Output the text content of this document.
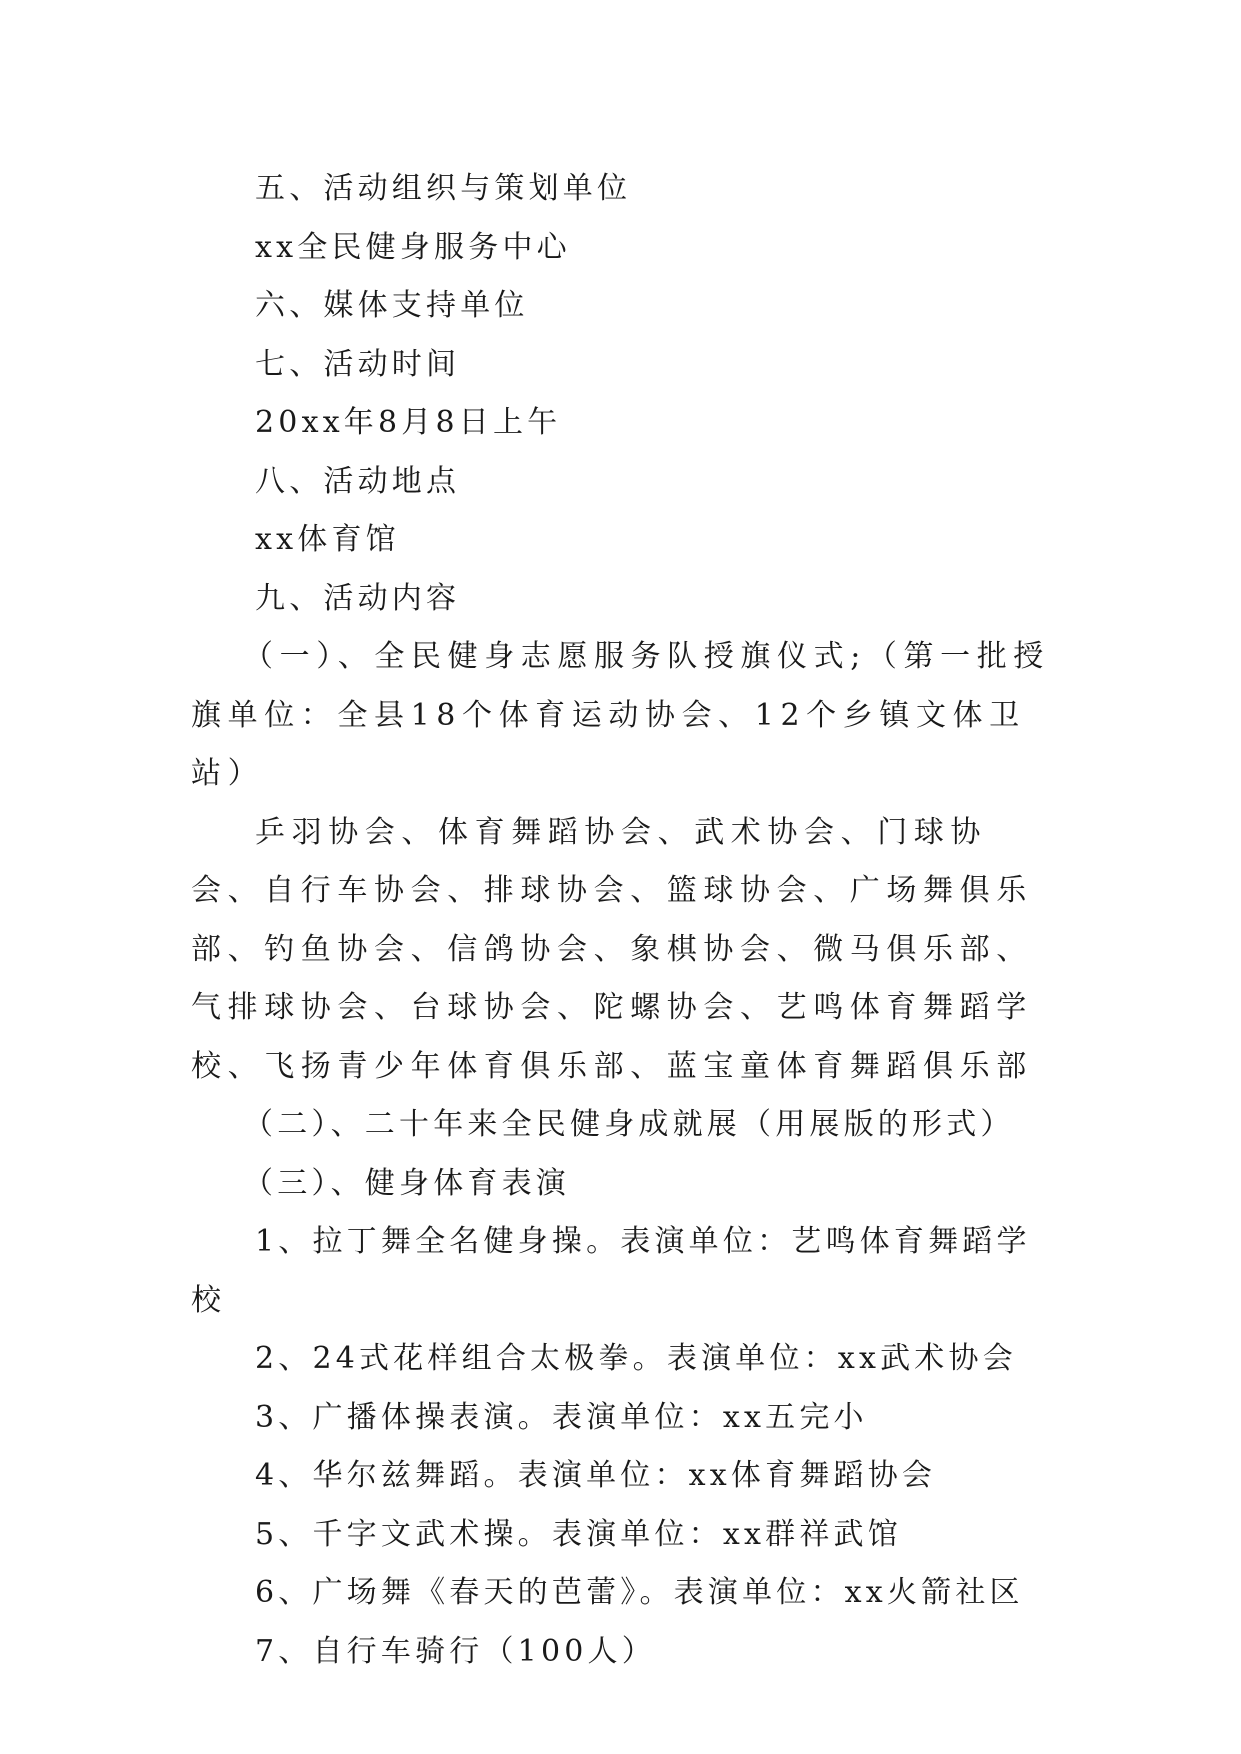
五、活动组织与策划单位

xx全民健身服务中心

六、媒体支持单位

七、活动时间

20xx年8月8日上午

八、活动地点

xx体育馆

九、活动内容

（一）、全民健身志愿服务队授旗仪式;（第一批授旗单位：全县18个体育运动协会、12个乡镇文体卫站）

乒羽协会、体育舞蹈协会、武术协会、门球协会、自行车协会、排球协会、篮球协会、广场舞俱乐部、钓鱼协会、信鸽协会、象棋协会、微马俱乐部、气排球协会、台球协会、陀螺协会、艺鸣体育舞蹈学校、飞扬青少年体育俱乐部、蓝宝童体育舞蹈俱乐部

（二）、二十年来全民健身成就展（用展版的形式）

（三）、健身体育表演

1、拉丁舞全名健身操。表演单位：艺鸣体育舞蹈学校

2、24式花样组合太极拳。表演单位：xx武术协会

3、广播体操表演。表演单位：xx五完小

4、华尔兹舞蹈。表演单位：xx体育舞蹈协会

5、千字文武术操。表演单位：xx群祥武馆

6、广场舞《春天的芭蕾》。表演单位：xx火箭社区

7、自行车骑行（100人）
